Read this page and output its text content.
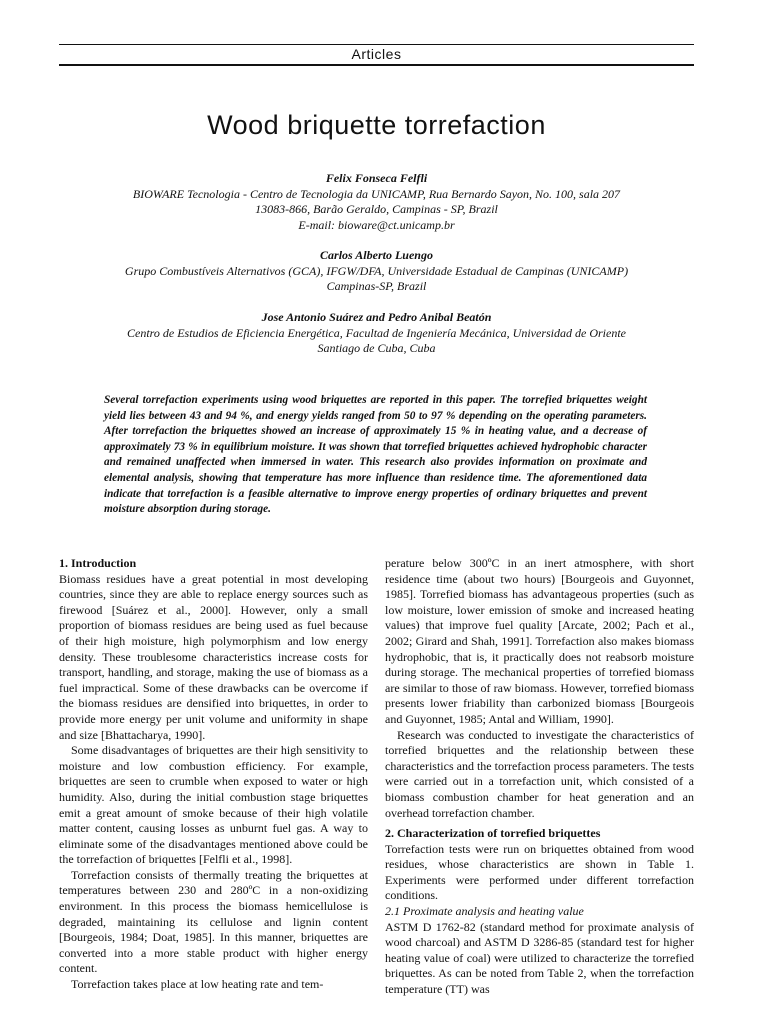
Articles
Wood briquette torrefaction
Felix Fonseca Felfli
BIOWARE Tecnologia - Centro de Tecnologia da UNICAMP, Rua Bernardo Sayon, No. 100, sala 207
13083-866, Barão Geraldo, Campinas - SP, Brazil
E-mail: bioware@ct.unicamp.br
Carlos Alberto Luengo
Grupo Combustíveis Alternativos (GCA), IFGW/DFA, Universidade Estadual de Campinas (UNICAMP)
Campinas-SP, Brazil
Jose Antonio Suárez and Pedro Anibal Beatón
Centro de Estudios de Eficiencia Energética, Facultad de Ingeniería Mecánica, Universidad de Oriente
Santiago de Cuba, Cuba

Several torrefaction experiments using wood briquettes are reported in this paper. The torrefied briquettes weight yield lies between 43 and 94 %, and energy yields ranged from 50 to 97 % depending on the operating parameters. After torrefaction the briquettes showed an increase of approximately 15 % in heating value, and a decrease of approximately 73 % in equilibrium moisture. It was shown that torrefied briquettes achieved hydrophobic character and remained unaffected when immersed in water. This research also provides information on proximate and elemental analysis, showing that temperature has more influence than residence time. The aforementioned data indicate that torrefaction is a feasible alternative to improve energy properties of ordinary briquettes and prevent moisture absorption during storage.

1. Introduction

Biomass residues have a great potential in most developing countries, since they are able to replace energy sources such as firewood [Suárez et al., 2000]. However, only a small proportion of biomass residues are being used as fuel because of their high moisture, high polymorphism and low energy density. These troublesome characteristics increase costs for transport, handling, and storage, making the use of biomass as a fuel impractical. Some of these drawbacks can be overcome if the biomass residues are densified into briquettes, in order to provide more energy per unit volume and uniformity in shape and size [Bhattacharya, 1990].

Some disadvantages of briquettes are their high sensitivity to moisture and low combustion efficiency. For example, briquettes are seen to crumble when exposed to water or high humidity. Also, during the initial combustion stage briquettes emit a great amount of smoke because of their high volatile matter content, causing losses as unburnt fuel gas. A way to eliminate some of the disadvantages mentioned above could be the torrefaction of briquettes [Felfli et al., 1998].

Torrefaction consists of thermally treating the briquettes at temperatures between 230 and 280ºC in a non-oxidizing environment. In this process the biomass hemicellulose is degraded, maintaining its cellulose and lignin content [Bourgeois, 1984; Doat, 1985]. In this manner, briquettes are converted into a more stable product with higher energy content.

Torrefaction takes place at low heating rate and tem-

perature below 300ºC in an inert atmosphere, with short residence time (about two hours) [Bourgeois and Guyonnet, 1985]. Torrefied biomass has advantageous properties (such as low moisture, lower emission of smoke and increased heating values) that improve fuel quality [Arcate, 2002; Pach et al., 2002; Girard and Shah, 1991]. Torrefaction also makes biomass hydrophobic, that is, it practically does not reabsorb moisture during storage. The mechanical properties of torrefied biomass are similar to those of raw biomass. However, torrefied biomass presents lower friability than carbonized biomass [Bourgeois and Guyonnet, 1985; Antal and William, 1990].

Research was conducted to investigate the characteristics of torrefied briquettes and the relationship between these characteristics and the torrefaction process parameters. The tests were carried out in a torrefaction unit, which consisted of a biomass combustion chamber for heat generation and an overhead torrefaction chamber.

2. Characterization of torrefied briquettes

Torrefaction tests were run on briquettes obtained from wood residues, whose characteristics are shown in Table 1. Experiments were performed under different torrefaction conditions.

2.1 Proximate analysis and heating value

ASTM D 1762-82 (standard method for proximate analysis of wood charcoal) and ASTM D 3286-85 (standard test for higher heating value of coal) were utilized to characterize the torrefied briquettes. As can be noted from Table 2, when the torrefaction temperature (TT) was
